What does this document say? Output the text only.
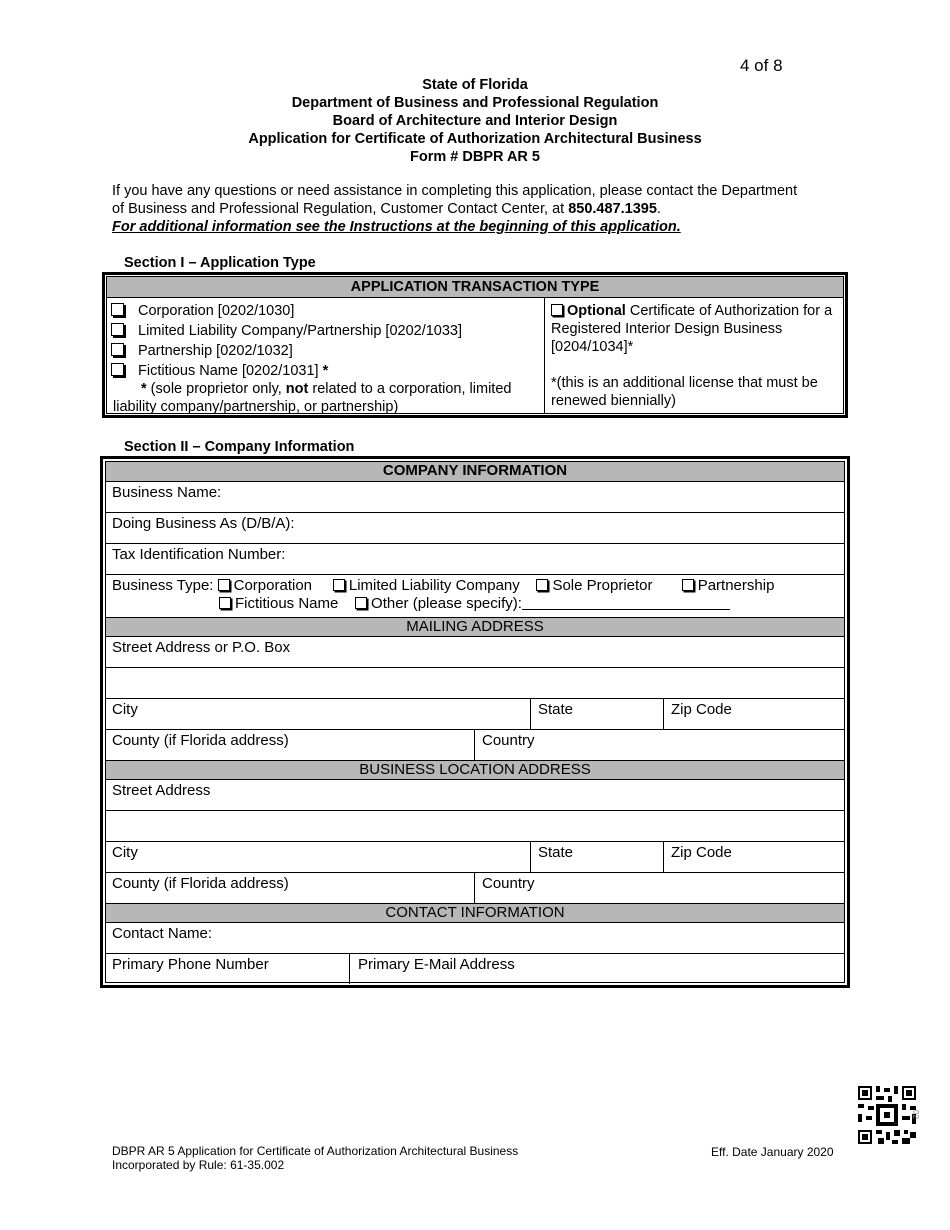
4 of 8
State of Florida
Department of Business and Professional Regulation
Board of Architecture and Interior Design
Application for Certificate of Authorization Architectural Business
Form # DBPR AR 5
If you have any questions or need assistance in completing this application, please contact the Department of Business and Professional Regulation, Customer Contact Center, at 850.487.1395.
For additional information see the Instructions at the beginning of this application.
Section I – Application Type
APPLICATION TRANSACTION TYPE
Corporation [0202/1030]
Limited Liability Company/Partnership [0202/1033]
Partnership [0202/1032]
Fictitious Name [0202/1031] *
* (sole proprietor only, not related to a corporation, limited
liability company/partnership, or partnership)
Optional Certificate of Authorization for a Registered Interior Design Business [0204/1034]*
*(this is an additional license that must be renewed biennially)
Section II – Company Information
COMPANY INFORMATION
Business Name:
Doing Business As (D/B/A):
Tax Identification Number:
Business Type: Corporation Limited Liability Company Sole Proprietor	Partnership
Fictitious Name Other (please specify):
MAILING ADDRESS
Street Address or P.O. Box
City	State	Zip Code
County (if Florida address)	Country
BUSINESS LOCATION ADDRESS
Street Address
City	State	Zip Code
County (if Florida address)	Country
CONTACT INFORMATION
Contact Name:
Primary Phone Number	Primary E-Mail Address
DBPR AR 5 Application for Certificate of Authorization Architectural Business
Incorporated by Rule: 61-35.002
Eff. Date January 2020
02
